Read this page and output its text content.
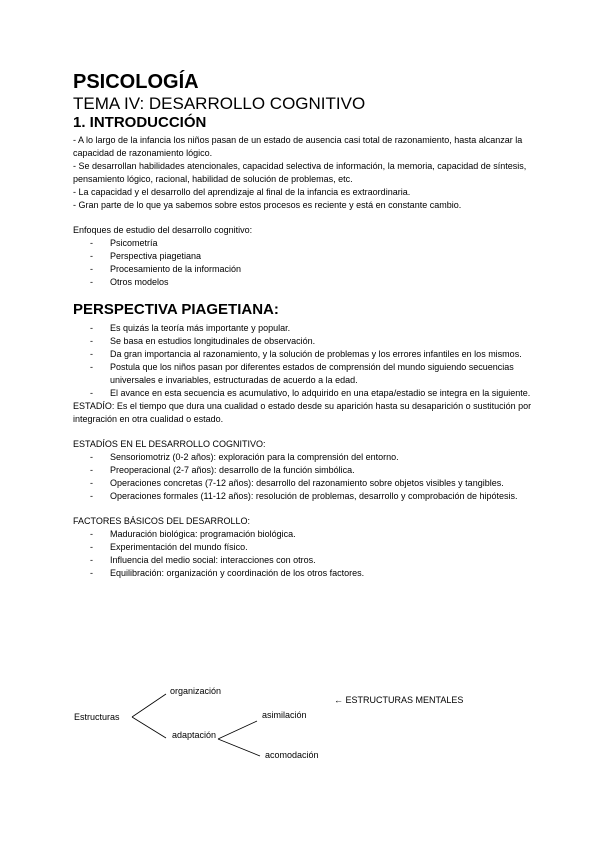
PSICOLOGÍA
TEMA IV: DESARROLLO COGNITIVO
1. INTRODUCCIÓN

- A lo largo de la infancia los niños pasan de un estado de ausencia casi total de razonamiento, hasta alcanzar la capacidad de razonamiento lógico.

- Se desarrollan habilidades atencionales, capacidad selectiva de información, la memoria, capacidad de síntesis, pensamiento lógico, racional, habilidad de solución de problemas, etc.

- La capacidad y el desarrollo del aprendizaje al final de la infancia es extraordinaria.

- Gran parte de lo que ya sabemos sobre estos procesos es reciente y está en constante cambio.

Enfoques de estudio del desarrollo cognitivo:

- Psicometría
- Perspectiva piagetiana
- Procesamiento de la información
- Otros modelos
PERSPECTIVA PIAGETIANA:
- Es quizás la teoría más importante y popular.
- Se basa en estudios longitudinales de observación.
- Da gran importancia al razonamiento, y la solución de problemas y los errores infantiles en los mismos.
- Postula que los niños pasan por diferentes estados de comprensión del mundo siguiendo secuencias universales e invariables, estructuradas de acuerdo a la edad.
- El avance en esta secuencia es acumulativo, lo adquirido en una etapa/estadio se integra en la siguiente.

ESTADÍO: Es el tiempo que dura una cualidad o estado desde su aparición hasta su desaparición o sustitución por integración en otra cualidad o estado.

ESTADÍOS EN EL DESARROLLO COGNITIVO:

- Sensoriomotriz (0-2 años): exploración para la comprensión del entorno.
- Preoperacional (2-7 años): desarrollo de la función simbólica.
- Operaciones concretas (7-12 años): desarrollo del razonamiento sobre objetos visibles y tangibles.
- Operaciones formales (11-12 años): resolución de problemas, desarrollo y comprobación de hipótesis.

FACTORES BÁSICOS DEL DESARROLLO:

- Maduración biológica: programación biológica.
- Experimentación del mundo físico.
- Influencia del medio social: interacciones con otros.
- Equilibración: organización y coordinación de los otros factores.
Estructuras
organización
adaptación
asimilación
acomodación
← ESTRUCTURAS MENTALES
